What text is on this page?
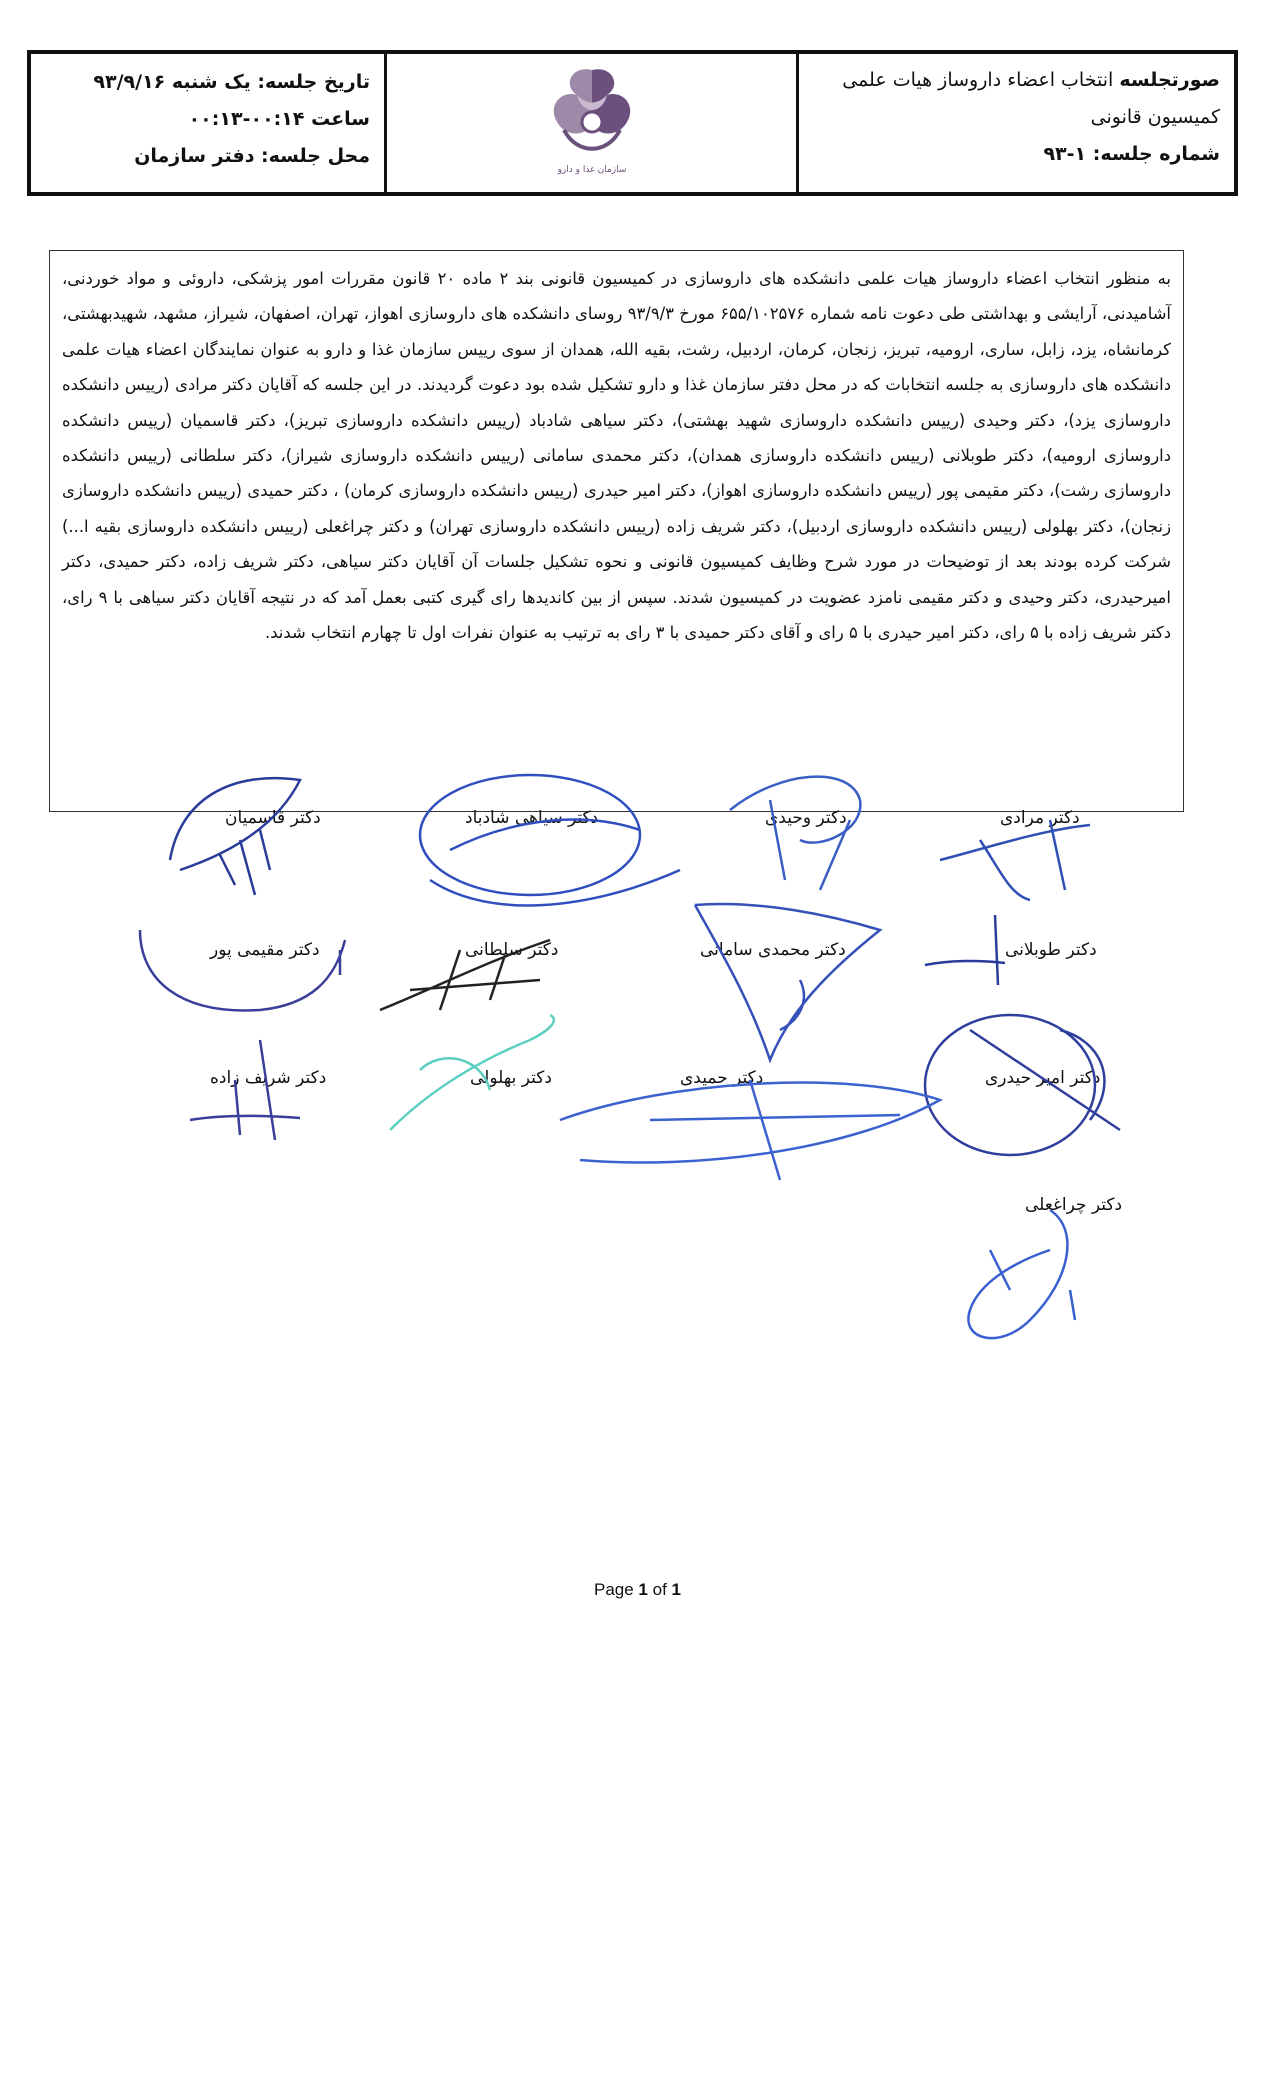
تاریخ جلسه: یک شنبه ۹۳/۹/۱۶
ساعت ۰۰:۱۴-۰۰:۱۳
محل جلسه: دفتر سازمان
سازمان غذا و دارو
صورتجلسه انتخاب اعضاء داروساز هیات علمی
کمیسیون قانونی
شماره جلسه: ۱-۹۳

به منظور انتخاب اعضاء داروساز هیات علمی دانشکده های داروسازی در کمیسیون قانونی بند ۲ ماده ۲۰ قانون مقررات امور پزشکی، داروئی و مواد خوردنی، آشامیدنی، آرایشی و بهداشتی طی دعوت نامه شماره ۶۵۵/۱۰۲۵۷۶ مورخ ۹۳/۹/۳ روسای دانشکده های داروسازی اهواز، تهران، اصفهان، شیراز، مشهد، شهیدبهشتی، کرمانشاه، یزد، زابل، ساری، ارومیه، تبریز، زنجان، کرمان، اردبیل، رشت، بقیه الله، همدان از سوی رییس سازمان غذا و دارو به عنوان نمایندگان اعضاء هیات علمی دانشکده های داروسازی به جلسه انتخابات که در محل دفتر سازمان غذا و دارو تشکیل شده بود دعوت گردیدند. در این جلسه که آقایان دکتر مرادی (رییس دانشکده داروسازی یزد)، دکتر وحیدی (رییس دانشکده داروسازی شهید بهشتی)، دکتر سیاهی شادباد (رییس دانشکده داروسازی تبریز)، دکتر قاسمیان (رییس دانشکده داروسازی ارومیه)، دکتر طوبلانی (رییس دانشکده داروسازی همدان)، دکتر محمدی سامانی (رییس دانشکده داروسازی شیراز)، دکتر سلطانی (رییس دانشکده داروسازی رشت)، دکتر مقیمی پور (رییس دانشکده داروسازی اهواز)، دکتر امیر حیدری (رییس دانشکده داروسازی کرمان) ، دکتر حمیدی (رییس دانشکده داروسازی زنجان)، دکتر بهلولی (رییس دانشکده داروسازی اردبیل)، دکتر شریف زاده (رییس دانشکده داروسازی تهران) و دکتر چراغعلی (رییس دانشکده داروسازی بقیه ا...) شرکت کرده بودند بعد از توضیحات در مورد شرح وظایف کمیسیون قانونی و نحوه تشکیل جلسات آن آقایان دکتر سیاهی، دکتر شریف زاده، دکتر حمیدی، دکتر امیرحیدری، دکتر وحیدی و دکتر مقیمی نامزد عضویت در کمیسیون شدند. سپس از بین کاندیدها رای گیری کتبی بعمل آمد که در نتیجه آقایان دکتر سیاهی با ۹ رای، دکتر شریف زاده با ۵ رای، دکتر امیر حیدری با ۵ رای و آقای دکتر حمیدی با ۳ رای به ترتیب به عنوان نفرات اول تا چهارم انتخاب شدند.

دکتر مرادی
دکتر وحیدی
دکتر سیاهی شادباد
دکتر قاسمیان
دکتر طوبلانی
دکتر محمدی سامانی
دکتر سلطانی
دکتر مقیمی پور
دکتر امیر حیدری
دکتر حمیدی
دکتر بهلولی
دکتر شریف زاده
دکتر چراغعلی
Page 1 of 1
